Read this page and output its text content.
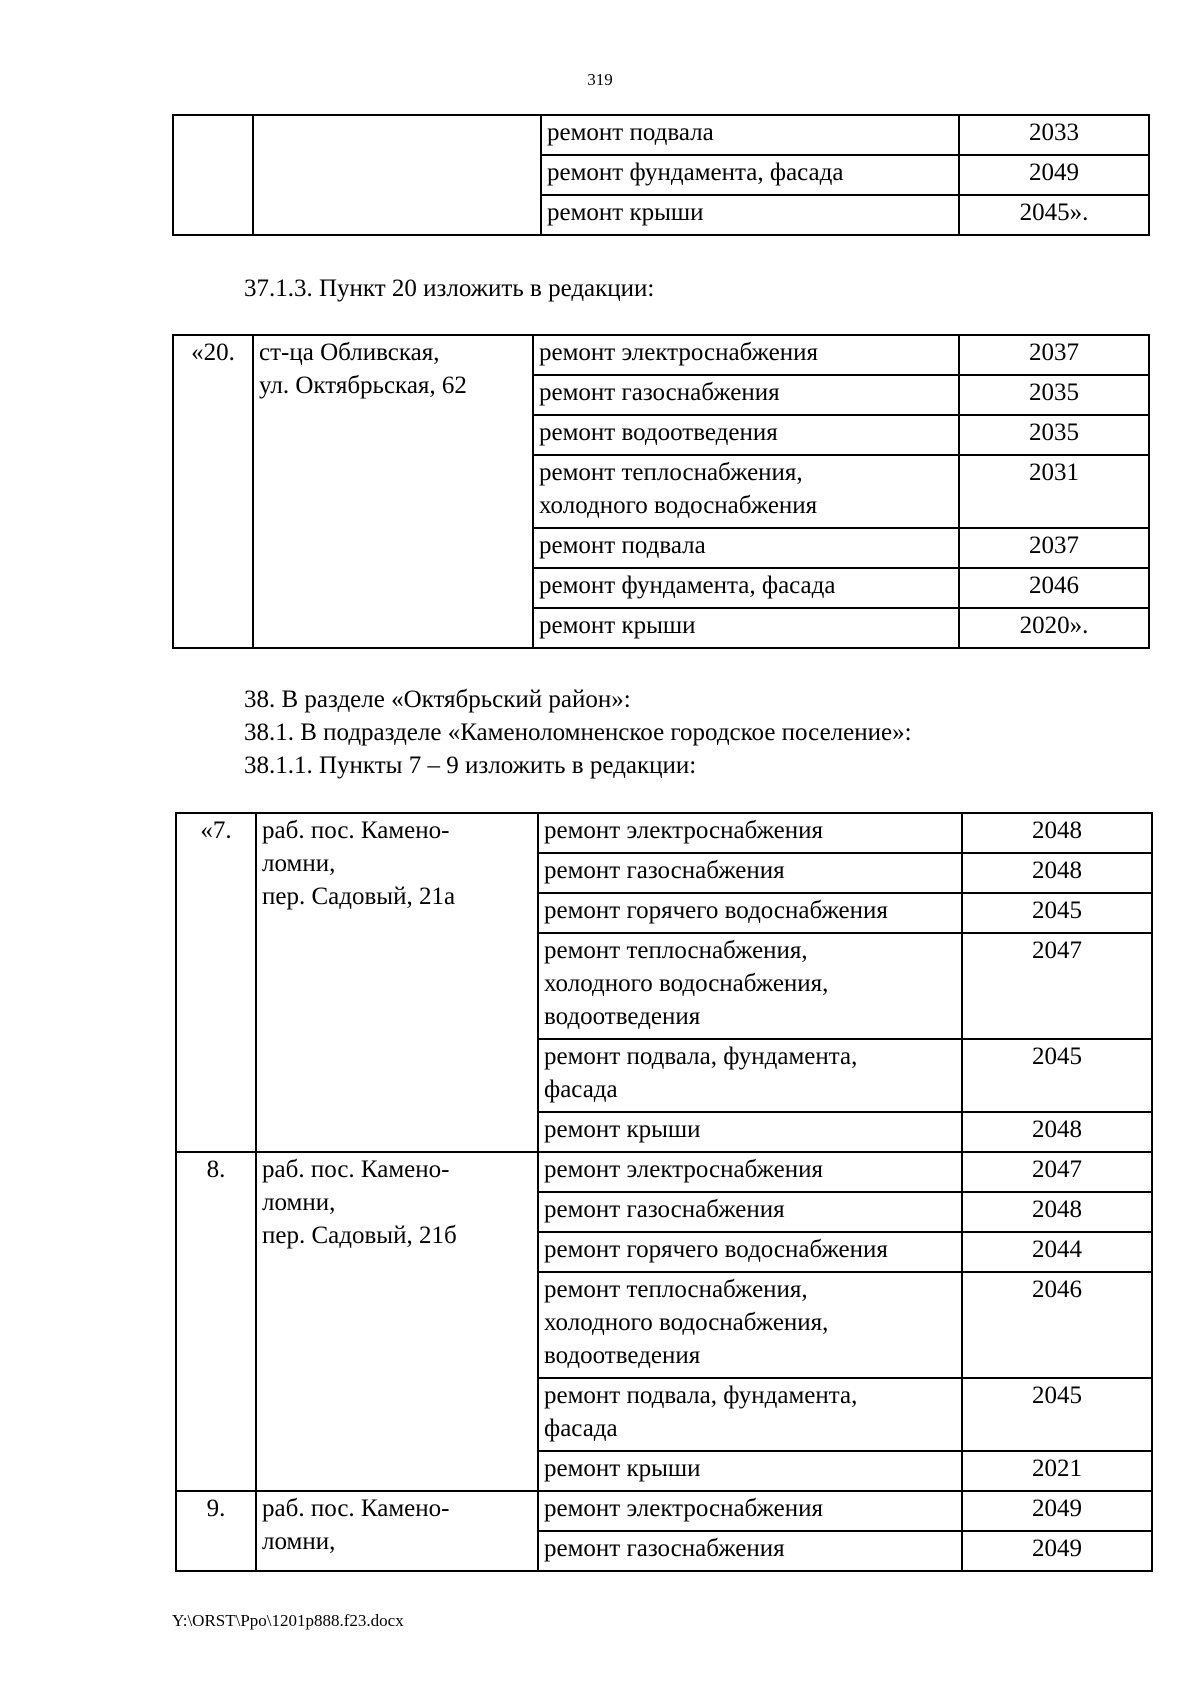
319
		ремонт подвала	2033
		ремонт фундамента, фасада	2049
		ремонт крыши	2045».
37.1.3. Пункт 20 изложить в редакции:
«20.	ст-ца Обливская,
ул. Октябрьская, 62	ремонт электроснабжения	2037
		ремонт газоснабжения	2035
		ремонт водоотведения	2035
		ремонт теплоснабжения,
холодного водоснабжения	2031
		ремонт подвала	2037
		ремонт фундамента, фасада	2046
		ремонт крыши	2020».
38. В разделе «Октябрьский район»:
38.1. В подразделе «Каменоломненское городское поселение»:
38.1.1. Пункты 7 – 9 изложить в редакции:
«7.	раб. пос. Камено-
ломни,
пер. Садовый, 21а	ремонт электроснабжения	2048
		ремонт газоснабжения	2048
		ремонт горячего водоснабжения	2045
		ремонт теплоснабжения,
холодного водоснабжения,
водоотведения	2047
		ремонт подвала, фундамента,
фасада	2045
		ремонт крыши	2048
8.	раб. пос. Камено-
ломни,
пер. Садовый, 21б	ремонт электроснабжения	2047
		ремонт газоснабжения	2048
		ремонт горячего водоснабжения	2044
		ремонт теплоснабжения,
холодного водоснабжения,
водоотведения	2046
		ремонт подвала, фундамента,
фасада	2045
		ремонт крыши	2021
9.	раб. пос. Камено-
ломни,	ремонт электроснабжения	2049
		ремонт газоснабжения	2049
Y:\ORST\Ppo\1201p888.f23.docx
